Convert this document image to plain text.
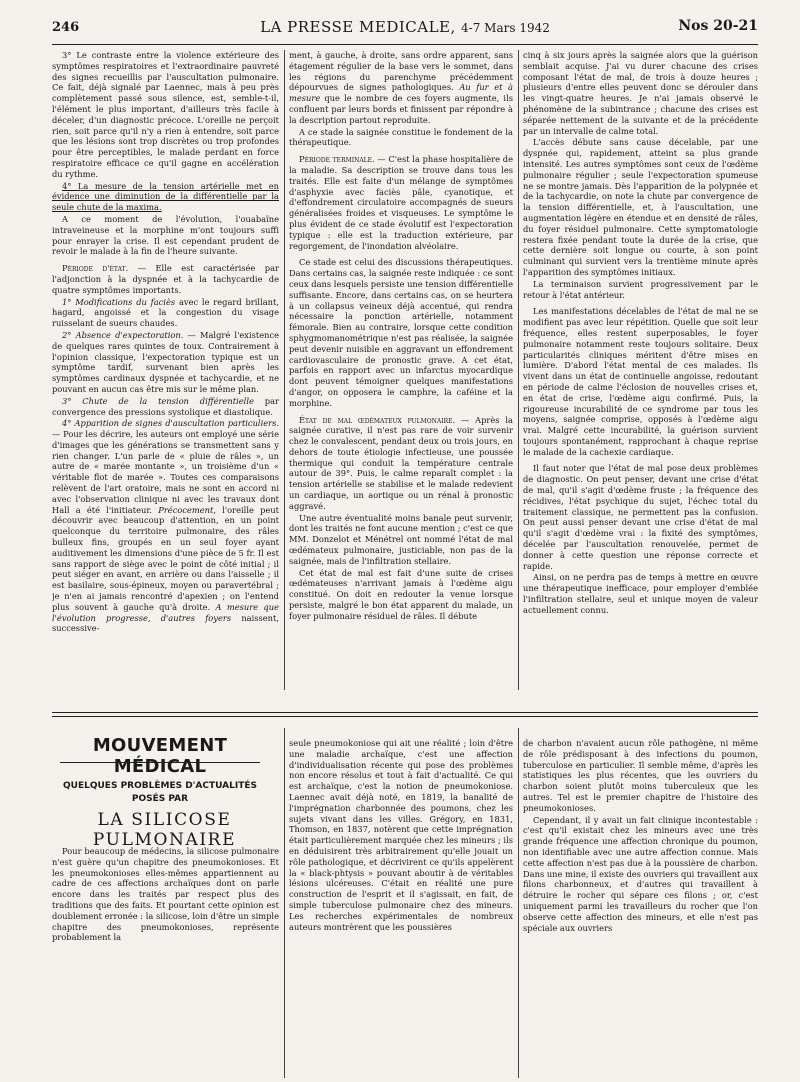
246	LA PRESSE MEDICALE, 4-7 Mars 1942	Nos 20-21

3° Le contraste entre la violence extérieure des symptômes respiratoires et l'extraordinaire pauvreté des signes recueillis par l'auscultation pulmonaire. Ce fait, déjà signalé par Laennec, mais à peu près complètement passé sous silence, est, semble-t-il, l'élément le plus important, d'ailleurs très facile à déceler, d'un diagnostic précoce. L'oreille ne perçoit rien, soit parce qu'il n'y a rien à entendre, soit parce que les lésions sont trop discrètes ou trop profondes pour être perceptibles, le malade perdant en force respiratoire efficace ce qu'il gagne en accélération du rythme.

4° La mesure de la tension artérielle met en évidence une diminution de la différentielle par la seule chute de la maxima.

A ce moment de l'évolution, l'ouabaïne intraveineuse et la morphine m'ont toujours suffi pour enrayer la crise. Il est cependant prudent de revoir le malade à la fin de l'heure suivante.

Période d'état. — Elle est caractérisée par l'adjonction à la dyspnée et à la tachycardie de quatre symptômes importants.

1° Modifications du faciès avec le regard brillant, hagard, angoissé et la congestion du visage ruisselant de sueurs chaudes.

2° Absence d'expectoration. — Malgré l'existence de quelques rares quintes de toux. Contrairement à l'opinion classique, l'expectoration typique est un symptôme tardif, survenant bien après les symptômes cardinaux dyspnée et tachycardie, et ne pouvant en aucun cas être mis sur le même plan.

3° Chute de la tension différentielle par convergence des pressions systolique et diastolique.

4° Apparition de signes d'auscultation particuliers. — Pour les décrire, les auteurs ont employé une série d'images que les générations se transmettent sans y rien changer. L'un parle de « pluie de râles », un autre de « marée montante », un troisième d'un « véritable flot de marée ». Toutes ces comparaisons relèvent de l'art oratoire, mais ne sont en accord ni avec l'observation clinique ni avec les travaux dont Hall a été l'initiateur. Précocement, l'oreille peut découvrir avec beaucoup d'attention, en un point quelconque du territoire pulmonaire, des râles bulleux fins, groupés en un seul foyer ayant auditivement les dimensions d'une pièce de 5 fr. Il est sans rapport de siège avec le point de côté initial ; il peut siéger en avant, en arrière ou dans l'aisselle ; il est basilaire, sous-épineux, moyen ou paravertébral ; je n'en ai jamais rencontré d'apexien ; on l'entend plus souvent à gauche qu'à droite. A mesure que l'évolution progresse, d'autres foyers naissent, successive-

ment, à gauche, à droite, sans ordre apparent, sans étagement régulier de la base vers le sommet, dans les régions du parenchyme précédemment dépourvues de signes pathologiques. Au fur et à mesure que le nombre de ces foyers augmente, ils confluent par leurs bords et finissent par répondre à la description partout reproduite.

A ce stade la saignée constitue le fondement de la thérapeutique.

Période terminale. — C'est la phase hospitalière de la maladie. Sa description se trouve dans tous les traités. Elle est faite d'un mélange de symptômes d'asphyxie avec faciès pâle, cyanotique, et d'effondrement circulatoire accompagnés de sueurs généralisées froides et visqueuses. Le symptôme le plus évident de ce stade évolutif est l'expectoration typique : elle est la traduction extérieure, par regorgement, de l'inondation alvéolaire.

Ce stade est celui des discussions thérapeutiques. Dans certains cas, la saignée reste indiquée : ce sont ceux dans lesquels persiste une tension différentielle suffisante. Encore, dans certains cas, on se heurtera à un collapsus veineux déjà accentué, qui rendra nécessaire la ponction artérielle, notamment fémorale. Bien au contraire, lorsque cette condition sphygmomanométrique n'est pas réalisée, la saignée peut devenir nuisible en aggravant un effondrement cardiovasculaire de pronostic grave. A cet état, parfois en rapport avec un infarctus myocardique dont peuvent témoigner quelques manifestations d'angor, on opposera le camphre, la caféine et la morphine.

État de mal œdémateux pulmonaire. — Après la saignée curative, il n'est pas rare de voir survenir chez le convalescent, pendant deux ou trois jours, en dehors de toute étiologie infectieuse, une poussée thermique qui conduit la température centrale autour de 39°. Puis, le calme reparaît complet : la tension artérielle se stabilise et le malade redevient un cardiaque, un aortique ou un rénal à pronostic aggravé.

Une autre éventualité moins banale peut survenir, dont les traités ne font aucune mention ; c'est ce que MM. Donzelot et Ménétrel ont nommé l'état de mal œdémateux pulmonaire, justiciable, non pas de la saignée, mais de l'infiltration stellaire.

Cet état de mal est fait d'une suite de crises œdémateuses n'arrivant jamais à l'œdème aigu constitué. On doit en redouter la venue lorsque persiste, malgré le bon état apparent du malade, un foyer pulmonaire résiduel de râles. Il débute

cinq à six jours après la saignée alors que la guérison semblait acquise. J'ai vu durer chacune des crises composant l'état de mal, de trois à douze heures ; plusieurs d'entre elles peuvent donc se dérouler dans les vingt-quatre heures. Je n'ai jamais observé le phénomène de la subintrance ; chacune des crises est séparée nettement de la suivante et de la précédente par un intervalle de calme total.

L'accès débute sans cause décelable, par une dyspnée qui, rapidement, atteint sa plus grande intensité. Les autres symptômes sont ceux de l'œdème pulmonaire régulier ; seule l'expectoration spumeuse ne se montre jamais. Dès l'apparition de la polypnée et de la tachycardie, on note la chute par convergence de la tension différentielle, et, à l'auscultation, une augmentation légère en étendue et en densité de râles, du foyer résiduel pulmonaire. Cette symptomatologie restera fixée pendant toute la durée de la crise, que cette dernière soit longue ou courte, à son point culminant qui survient vers la trentième minute après l'apparition des symptômes initiaux.

La terminaison survient progressivement par le retour à l'état antérieur.

Les manifestations décelables de l'état de mal ne se modifient pas avec leur répétition. Quelle que soit leur fréquence, elles restent superposables, le foyer pulmonaire notamment reste toujours solitaire. Deux particularités cliniques méritent d'être mises en lumière. D'abord l'état mental de ces malades. Ils vivent dans un état de continuelle angoisse, redoutant en période de calme l'éclosion de nouvelles crises et, en état de crise, l'œdème aigu confirmé. Puis, la rigoureuse incurabilité de ce syndrome par tous les moyens, saignée comprise, opposés à l'œdème aigu vrai. Malgré cette incurabilité, la guérison survient toujours spontanément, rapprochant à chaque reprise le malade de la cachexie cardiaque.

Il faut noter que l'état de mal pose deux problèmes de diagnostic. On peut penser, devant une crise d'état de mal, qu'il s'agit d'œdème fruste ; la fréquence des récidives, l'état psychique du sujet, l'échec total du traitement classique, ne permettent pas la confusion. On peut aussi penser devant une crise d'état de mal qu'il s'agit d'œdème vrai : la fixité des symptômes, décelée par l'auscultation renouvelée, permet de donner à cette question une réponse correcte et rapide.

Ainsi, on ne perdra pas de temps à mettre en œuvre une thérapeutique inefficace, pour employer d'emblée l'infiltration stellaire, seul et unique moyen de valeur actuellement connu.

MOUVEMENT MÉDICAL
QUELQUES PROBLÈMES D'ACTUALITÉS
POSÉS PAR
LA SILICOSE PULMONAIRE

Pour beaucoup de médecins, la silicose pulmonaire n'est guère qu'un chapitre des pneumokonioses. Et les pneumokonioses elles-mêmes appartiennent au cadre de ces affections archaïques dont on parle encore dans les traités par respect plus des traditions que des faits. Et pourtant cette opinion est doublement erronée : la silicose, loin d'être un simple chapitre des pneumokonioses, représente probablement la

seule pneumokoniose qui ait une réalité ; loin d'être une maladie archaïque, c'est une affection d'individualisation récente qui pose des problèmes non encore résolus et tout à fait d'actualité. Ce qui est archaïque, c'est la notion de pneumokoniose. Laennec avait déjà noté, en 1819, la banalité de l'imprégnation charbonnée des poumons, chez les sujets vivant dans les villes. Grégory, en 1831, Thomson, en 1837, notèrent que cette imprégnation était particulièrement marquée chez les mineurs ; ils en déduisirent très arbitrairement qu'elle jouait un rôle pathologique, et décrivirent ce qu'ils appelèrent la « black-phtysis » pouvant aboutir à de véritables lésions ulcéreuses. C'était en réalité une pure construction de l'esprit et il s'agissait, en fait, de simple tuberculose pulmonaire chez des mineurs. Les recherches expérimentales de nombreux auteurs montrèrent que les poussières

de charbon n'avaient aucun rôle pathogène, ni même de rôle prédisposant à des infections du poumon, tuberculose en particulier. Il semble même, d'après les statistiques les plus récentes, que les ouvriers du charbon soient plutôt moins tuberculeux que les autres. Tel est le premier chapitre de l'histoire des pneumokonioses.

Cependant, il y avait un fait clinique incontestable : c'est qu'il existait chez les mineurs avec une très grande fréquence une affection chronique du poumon, non identifiable avec une autre affection connue. Mais cette affection n'est pas due à la poussière de charbon. Dans une mine, il existe des ouvriers qui travaillent aux filons charbonneux, et d'autres qui travaillent à détruire le rocher qui sépare ces filons ; or, c'est uniquement parmi les travailleurs du rocher que l'on observe cette affection des mineurs, et elle n'est pas spéciale aux ouvriers
